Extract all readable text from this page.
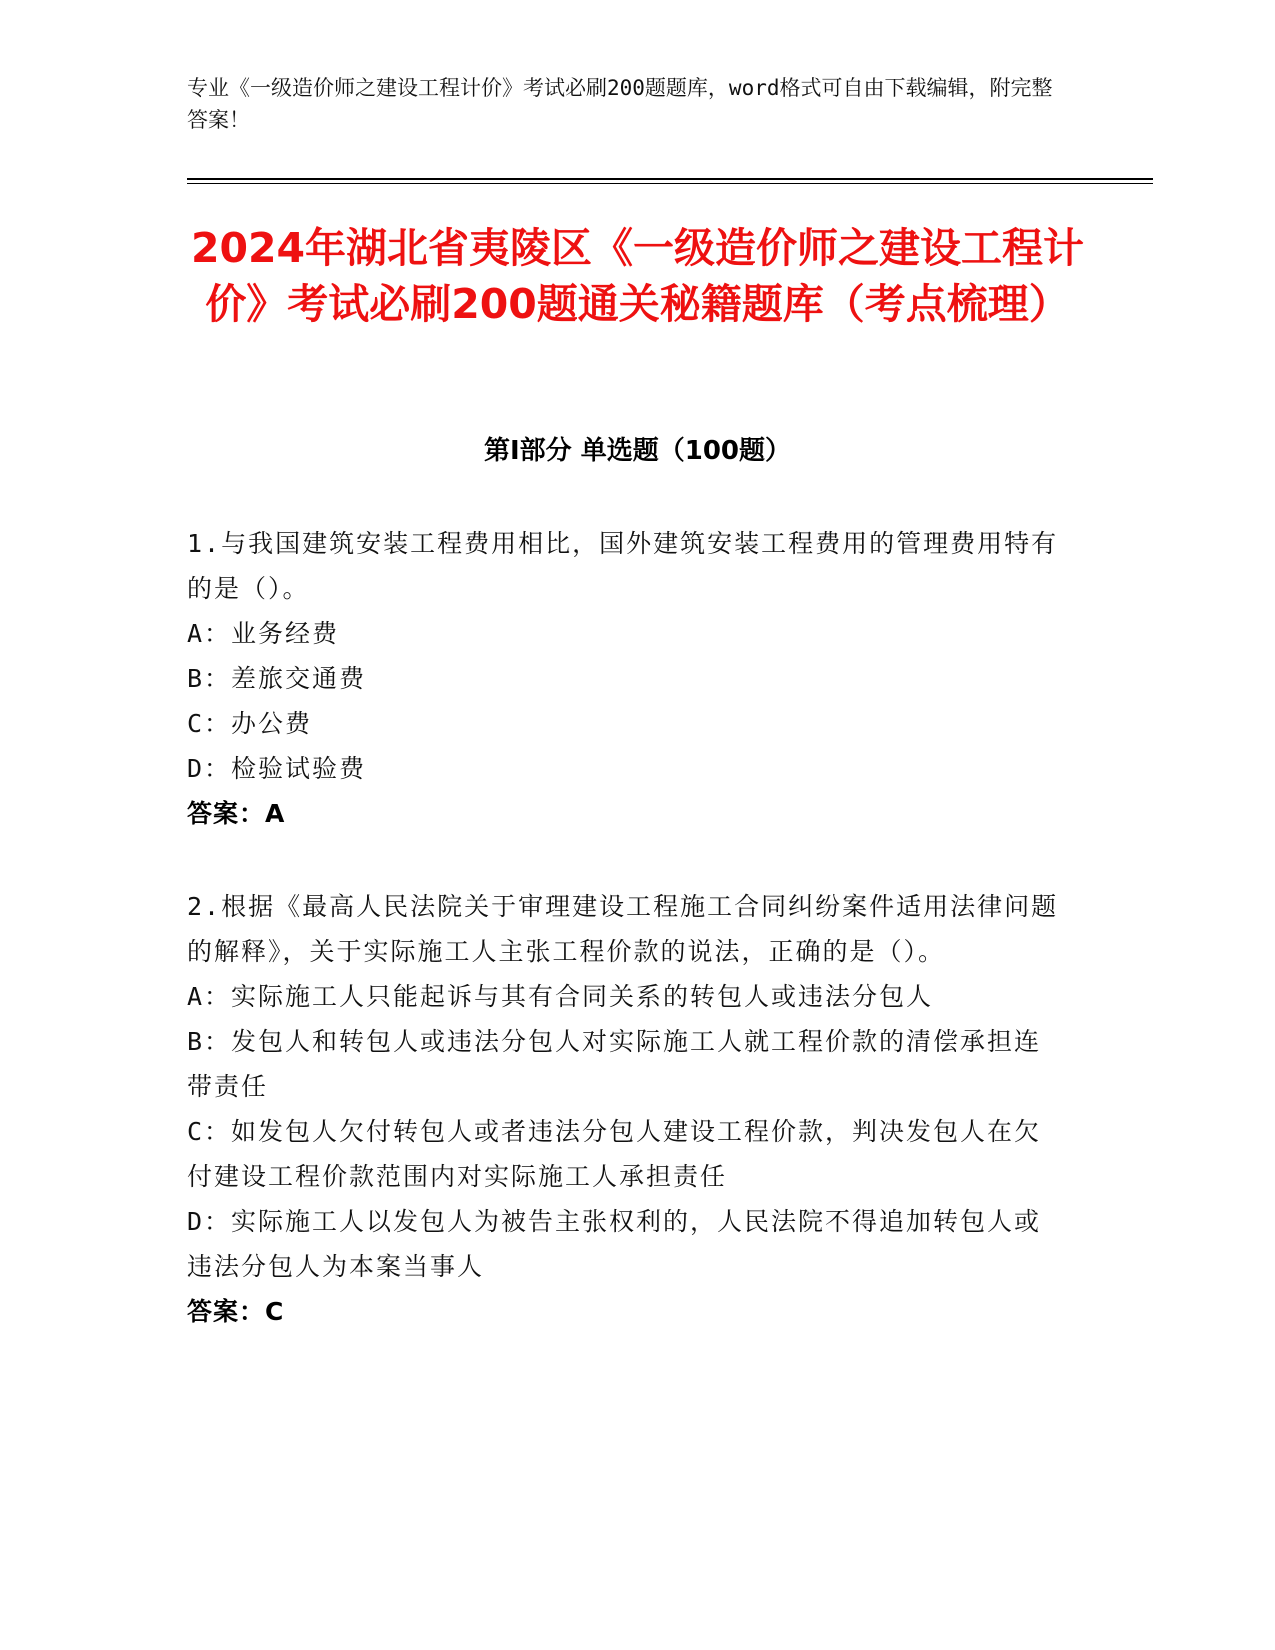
专业《一级造价师之建设工程计价》考试必刷200题题库，word格式可自由下载编辑，附完整答案！
2024年湖北省夷陵区《一级造价师之建设工程计价》考试必刷200题通关秘籍题库（考点梳理）
第I部分 单选题（100题）
1.与我国建筑安装工程费用相比，国外建筑安装工程费用的管理费用特有的是（）。
A：业务经费
B：差旅交通费
C：办公费
D：检验试验费
答案：A
2.根据《最高人民法院关于审理建设工程施工合同纠纷案件适用法律问题的解释》，关于实际施工人主张工程价款的说法，正确的是（）。
A：实际施工人只能起诉与其有合同关系的转包人或违法分包人
B：发包人和转包人或违法分包人对实际施工人就工程价款的清偿承担连带责任
C：如发包人欠付转包人或者违法分包人建设工程价款，判决发包人在欠付建设工程价款范围内对实际施工人承担责任
D：实际施工人以发包人为被告主张权利的，人民法院不得追加转包人或违法分包人为本案当事人
答案：C
